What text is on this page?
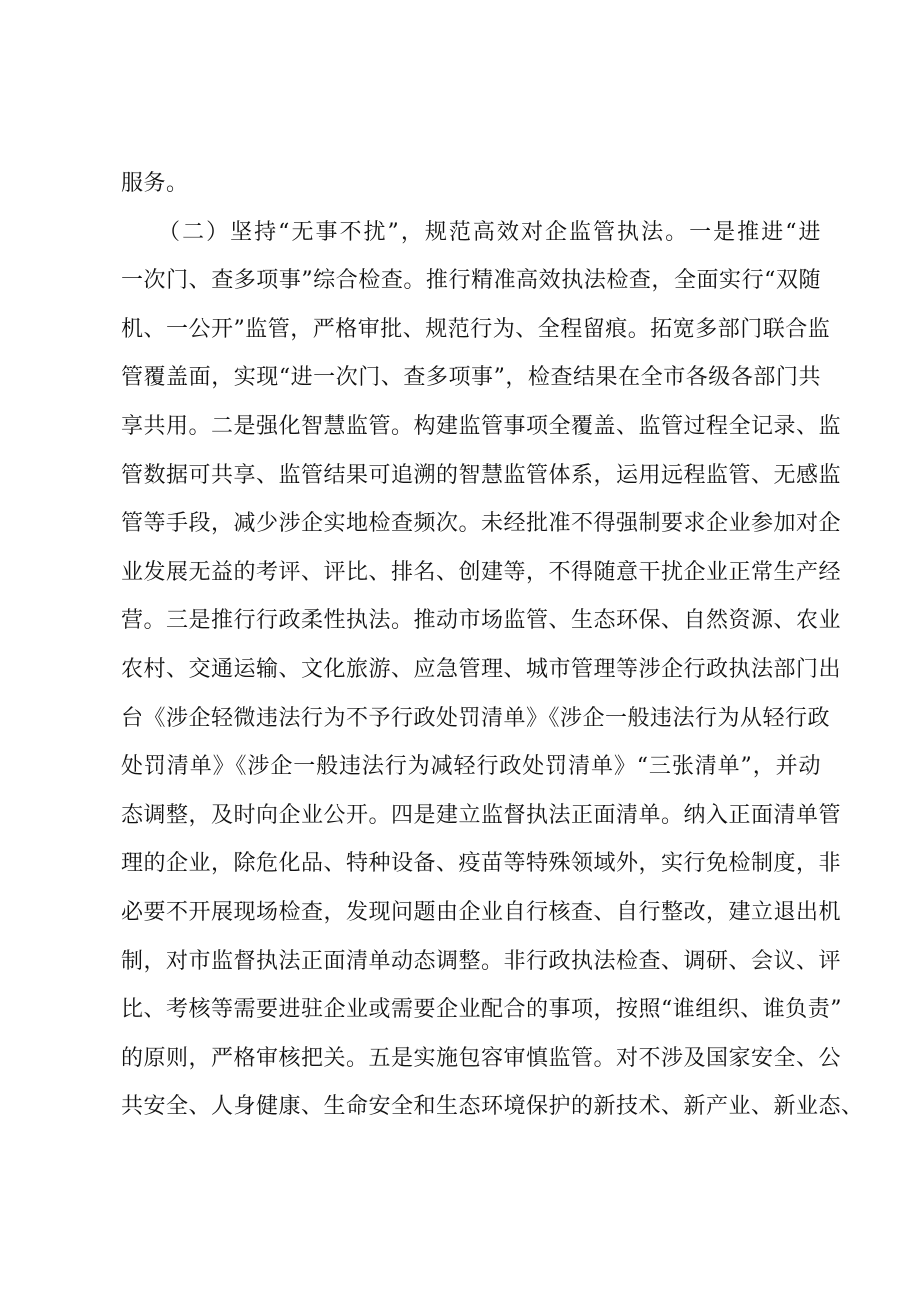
服务。
　　（二）坚持“无事不扰”，规范高效对企监管执法。一是推进“进
一次门、查多项事”综合检查。推行精准高效执法检查，全面实行“双随
机、一公开”监管，严格审批、规范行为、全程留痕。拓宽多部门联合监
管覆盖面，实现“进一次门、查多项事”，检查结果在全市各级各部门共
享共用。二是强化智慧监管。构建监管事项全覆盖、监管过程全记录、监
管数据可共享、监管结果可追溯的智慧监管体系，运用远程监管、无感监
管等手段，减少涉企实地检查频次。未经批准不得强制要求企业参加对企
业发展无益的考评、评比、排名、创建等，不得随意干扰企业正常生产经
营。三是推行行政柔性执法。推动市场监管、生态环保、自然资源、农业
农村、交通运输、文化旅游、应急管理、城市管理等涉企行政执法部门出
台《涉企轻微违法行为不予行政处罚清单》《涉企一般违法行为从轻行政
处罚清单》《涉企一般违法行为减轻行政处罚清单》“三张清单”，并动
态调整，及时向企业公开。四是建立监督执法正面清单。纳入正面清单管
理的企业，除危化品、特种设备、疫苗等特殊领域外，实行免检制度，非
必要不开展现场检查，发现问题由企业自行核查、自行整改，建立退出机
制，对市监督执法正面清单动态调整。非行政执法检查、调研、会议、评
比、考核等需要进驻企业或需要企业配合的事项，按照“谁组织、谁负责”
的原则，严格审核把关。五是实施包容审慎监管。对不涉及国家安全、公
共安全、人身健康、生命安全和生态环境保护的新技术、新产业、新业态、
